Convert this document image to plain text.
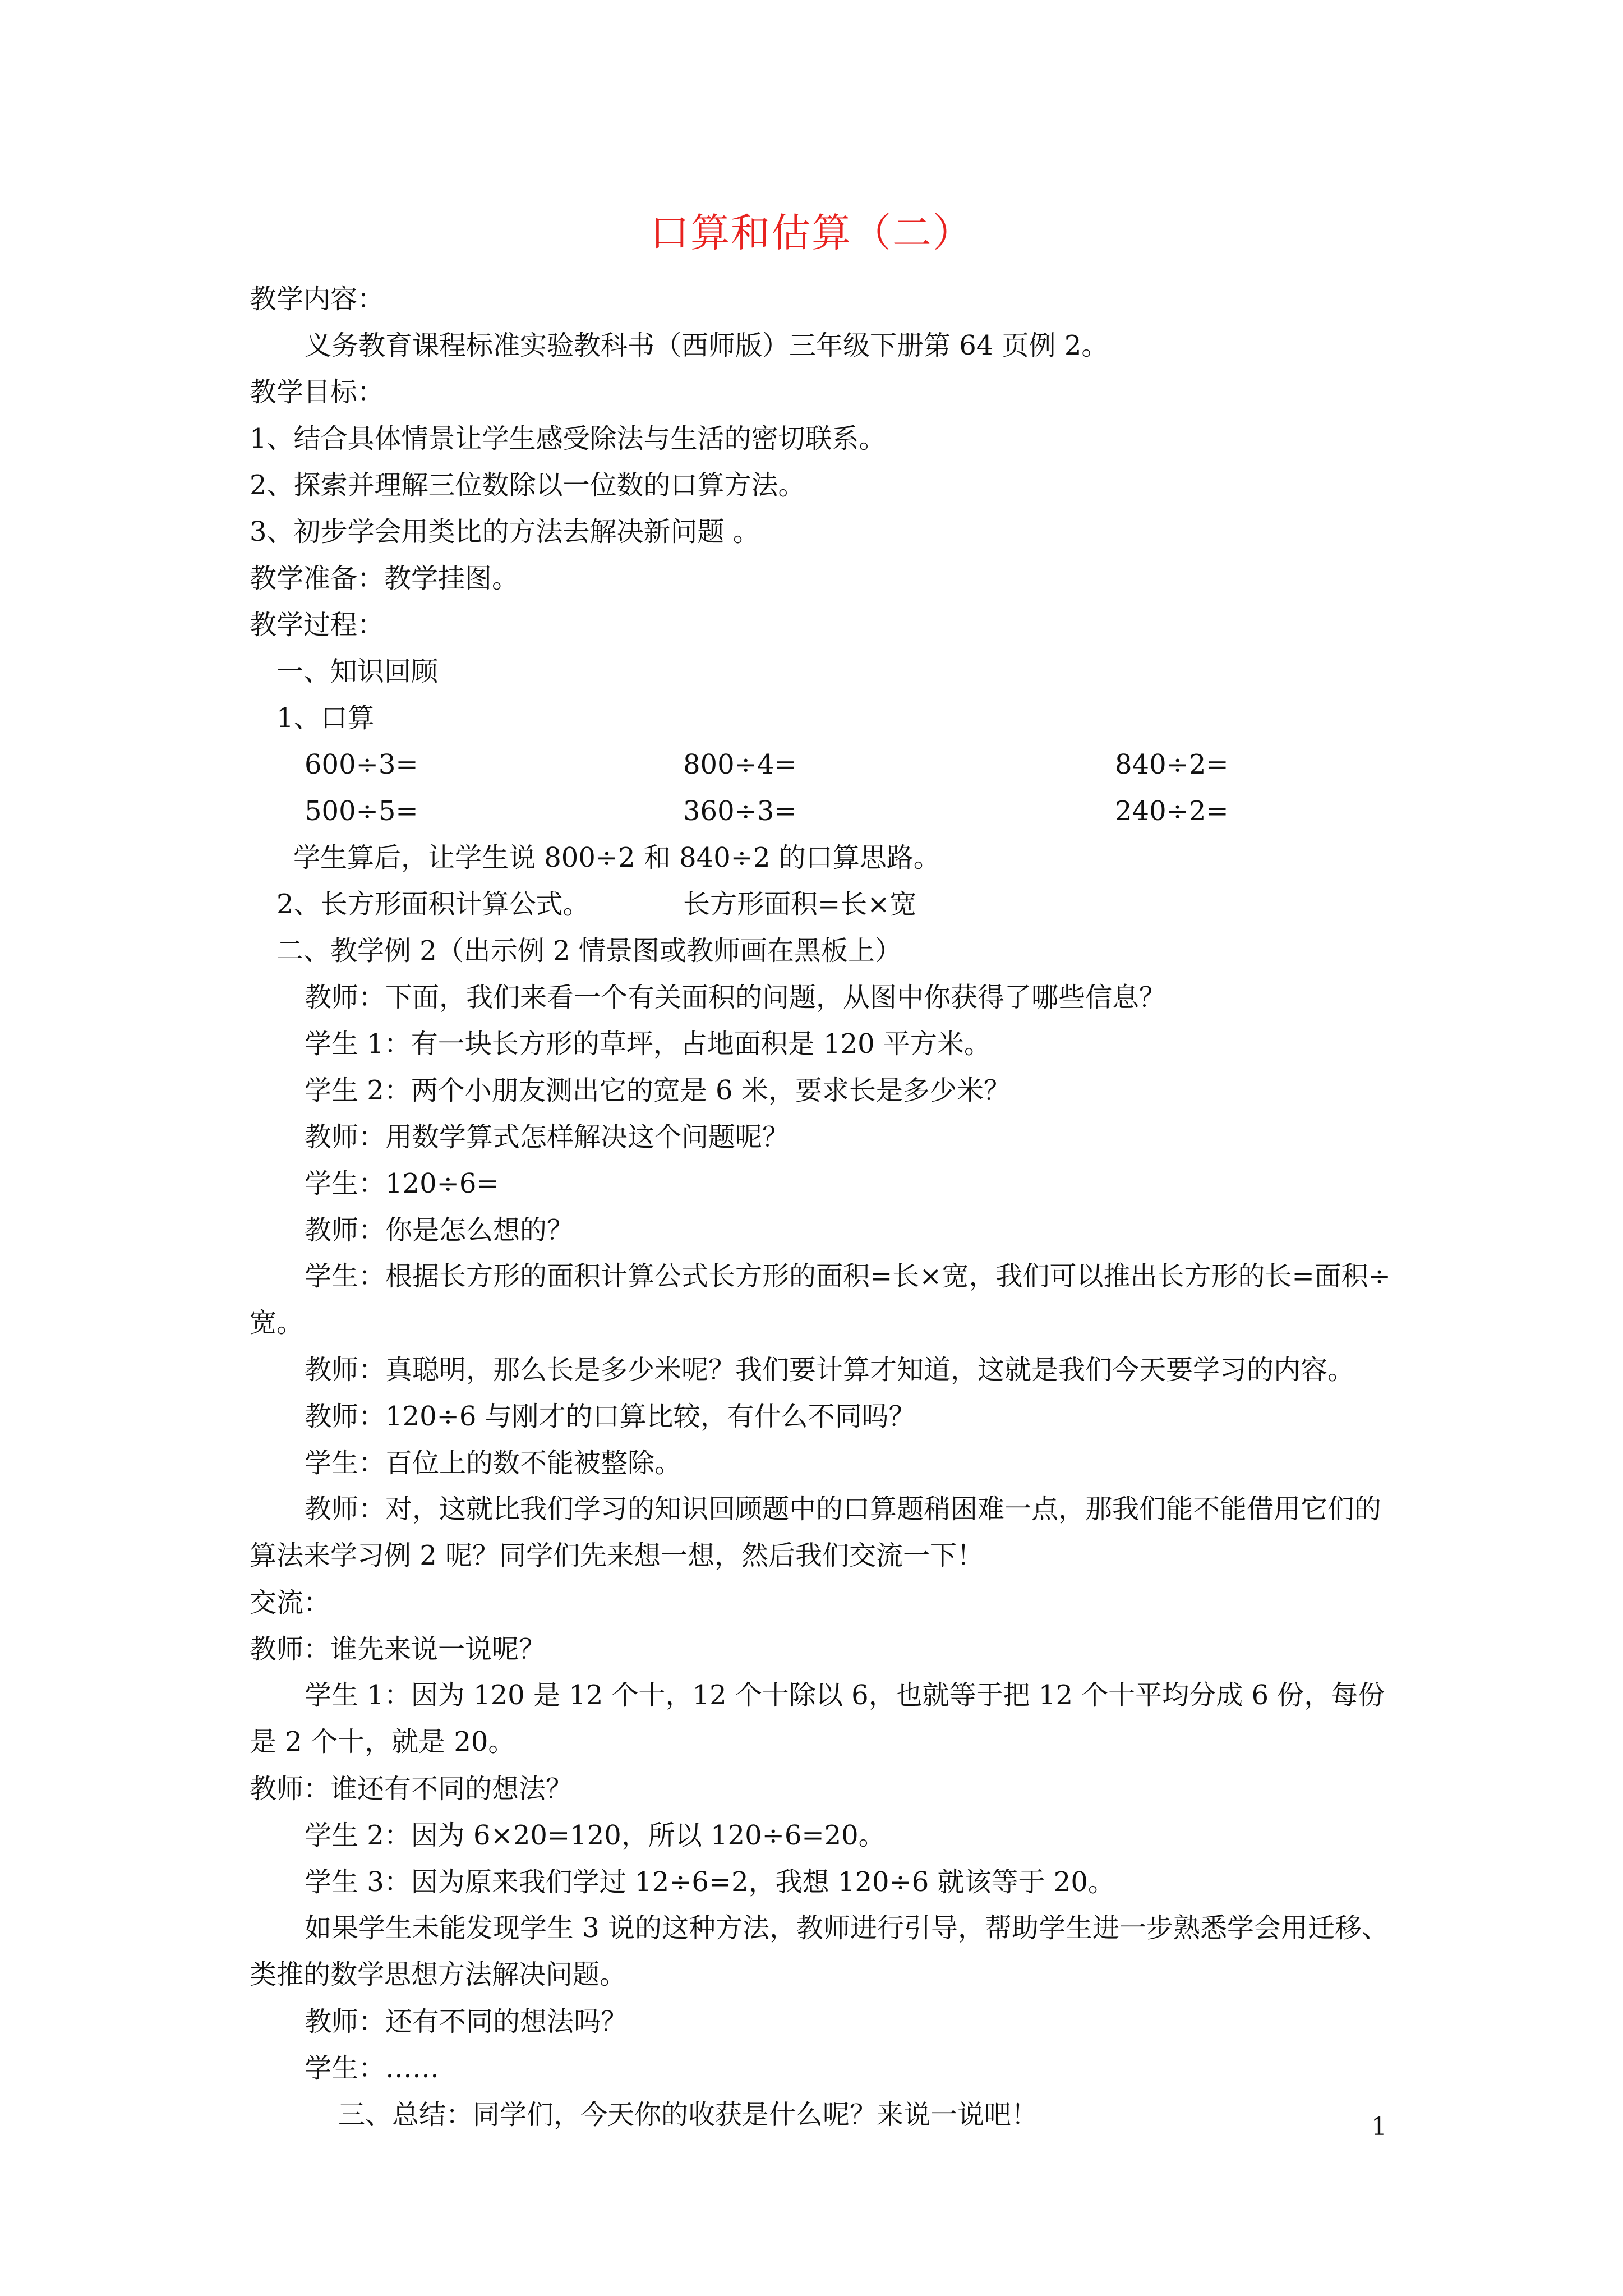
口算和估算（二）
教学内容：
义务教育课程标准实验教科书（西师版）三年级下册第 64 页例 2。
教学目标：
1、结合具体情景让学生感受除法与生活的密切联系。
2、探索并理解三位数除以一位数的口算方法。
3、初步学会用类比的方法去解决新问题 。
教学准备：教学挂图。
教学过程：
一、知识回顾
1、口算
600÷3=	800÷4=	840÷2=
500÷5=	360÷3=	240÷2=
学生算后，让学生说 800÷2 和 840÷2 的口算思路。
2、长方形面积计算公式。	长方形面积=长×宽
二、教学例 2（出示例 2 情景图或教师画在黑板上）
教师：下面，我们来看一个有关面积的问题，从图中你获得了哪些信息？
学生 1：有一块长方形的草坪，占地面积是 120 平方米。
学生 2：两个小朋友测出它的宽是 6 米，要求长是多少米？
教师：用数学算式怎样解决这个问题呢？
学生：120÷6=
教师：你是怎么想的？

学生：根据长方形的面积计算公式长方形的面积=长×宽，我们可以推出长方形的长=面积÷宽。

教师：真聪明，那么长是多少米呢？我们要计算才知道，这就是我们今天要学习的内容。
教师：120÷6 与刚才的口算比较，有什么不同吗？
学生：百位上的数不能被整除。

教师：对，这就比我们学习的知识回顾题中的口算题稍困难一点，那我们能不能借用它们的算法来学习例 2 呢？同学们先来想一想，然后我们交流一下！

交流：
教师：谁先来说一说呢？

学生 1：因为 120 是 12 个十，12 个十除以 6，也就等于把 12 个十平均分成 6 份，每份是 2 个十，就是 20。

教师：谁还有不同的想法？
学生 2：因为 6×20=120，所以 120÷6=20。
学生 3：因为原来我们学过 12÷6=2，我想 120÷6 就该等于 20。

如果学生未能发现学生 3 说的这种方法，教师进行引导，帮助学生进一步熟悉学会用迁移、类推的数学思想方法解决问题。

教师：还有不同的想法吗？
学生：……
三、总结：同学们，今天你的收获是什么呢？来说一说吧！	1
